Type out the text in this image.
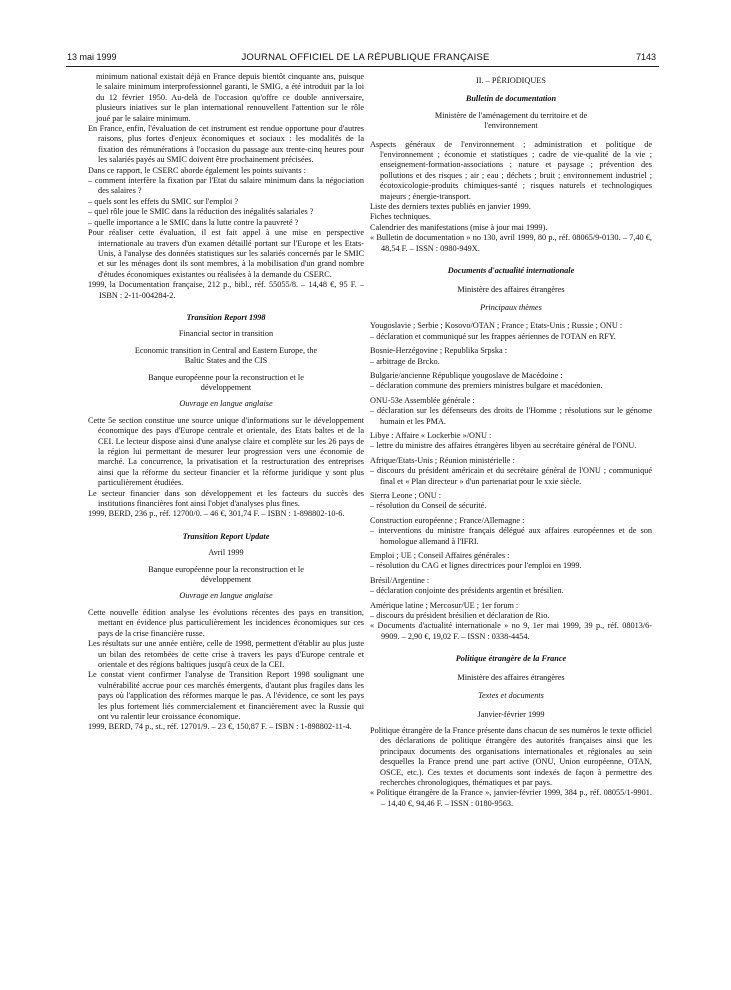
13 mai 1999	JOURNAL OFFICIEL DE LA RÉPUBLIQUE FRANÇAISE	7143

minimum national existait déjà en France depuis bientôt cinquante ans, puisque le salaire minimum interprofessionnel garanti, le SMIG, a été introduit par la loi du 12 février 1950. Au-delà de l'occasion qu'offre ce double anniversaire, plusieurs iniatives sur le plan international renouvellent l'attention sur le rôle joué par le salaire minimum.

En France, enfin, l'évaluation de cet instrument est rendue opportune pour d'autres raisons, plus fortes d'enjeux économiques et sociaux : les modalités de la fixation des rémunérations à l'occasion du passage aux trente-cinq heures pour les salariés payés au SMIC doivent être prochainement précisées.

Dans ce rapport, le CSERC aborde également les points suivants :

– comment interfère la fixation par l'Etat du salaire minimum dans la négociation des salaires ?

– quels sont les effets du SMIC sur l'emploi ?

– quel rôle joue le SMIC dans la réduction des inégalités salariales ?

– quelle importance a le SMIC dans la lutte contre la pauvreté ?

Pour réaliser cette évaluation, il est fait appel à une mise en perspective internationale au travers d'un examen détaillé portant sur l'Europe et les Etats-Unis, à l'analyse des données statistiques sur les salariés concernés par le SMIC et sur les ménages dont ils sont membres, à la mobilisation d'un grand nombre d'études économiques existantes ou réalisées à la demande du CSERC.

1999, la Documentation française, 212 p., bibl., réf. 55055/8. – 14,48 €, 95 F. – ISBN : 2-11-004284-2.

Transition Report 1998

Financial sector in transition

Economic transition in Central and Eastern Europe, the Baltic States and the CIS

Banque européenne pour la reconstruction et le développement

Ouvrage en langue anglaise

Cette 5e section constitue une source unique d'informations sur le développement économique des pays d'Europe centrale et orientale, des Etats baltes et de la CEI. Le lecteur dispose ainsi d'une analyse claire et complète sur les 26 pays de la région lui permettant de mesurer leur progression vers une économie de marché. La concurrence, la privatisation et la restructuration des entreprises ainsi que la réforme du secteur financier et la réforme juridique y sont plus particulièrement étudiées.

Le secteur financier dans son développement et les facteurs du succès des institutions financières font ainsi l'objet d'analyses plus fines.

1999, BERD, 236 p., réf. 12700/0. – 46 €, 301,74 F. – ISBN : 1-898802-10-6.

Transition Report Update

Avril 1999

Banque européenne pour la reconstruction et le développement

Ouvrage en langue anglaise

Cette nouvelle édition analyse les évolutions récentes des pays en transition, mettant en évidence plus particulièrement les incidences économiques sur ces pays de la crise financière russe.

Les résultats sur une année entière, celle de 1998, permettent d'établir au plus juste un bilan des retombées de cette crise à travers les pays d'Europe centrale et orientale et des régions baltiques jusqu'à ceux de la CEI.

Le constat vient confirmer l'analyse de Transition Report 1998 soulignant une vulnérabilité accrue pour ces marchés émergents, d'autant plus fragiles dans les pays où l'application des réformes marque le pas. A l'évidence, ce sont les pays les plus fortement liés commercialement et financièrement avec la Russie qui ont vu ralentir leur croissance économique.

1999, BERD, 74 p., st., réf. 12701/9. – 23 €, 150,87 F. – ISBN : 1-898802-11-4.

II. – PÉRIODIQUES

Bulletin de documentation

Ministère de l'aménagement du territoire et de l'environnement

Aspects généraux de l'environnement ; administration et politique de l'environnement ; économie et statistiques ; cadre de vie-qualité de la vie ; enseignement-formation-associations ; nature et paysage ; prévention des pollutions et des risques ; air ; eau ; déchets ; bruit ; environnement industriel ; écotoxicologie-produits chimiques-santé ; risques naturels et technologiques majeurs ; énergie-transport.

Liste des derniers textes publiés en janvier 1999.

Fiches techniques.

Calendrier des manifestations (mise à jour mai 1999).

« Bulletin de documentation » no 130, avril 1999, 80 p., réf. 08065/9-0130. – 7,40 €, 48,54 F. – ISSN : 0980-949X.

Documents d'actualité internationale

Ministère des affaires étrangères

Principaux thèmes

Yougoslavie ; Serbie ; Kosovo/OTAN ; France ; Etats-Unis ; Russie ; ONU :

– déclaration et communiqué sur les frappes aériennes de l'OTAN en RFY.

Bosnie-Herzégovine ; Republika Srpska :

– arbitrage de Brcko.

Bulgarie/ancienne République yougoslave de Macédoine :

– déclaration commune des premiers ministres bulgare et macédonien.

ONU-53e Assemblée générale :

– déclaration sur les défenseurs des droits de l'Homme ; résolutions sur le génome humain et les PMA.

Libye : Affaire « Lockerbie »/ONU :

– lettre du ministre des affaires étrangères libyen au secrétaire général de l'ONU.

Afrique/Etats-Unis ; Réunion ministérielle :

– discours du président américain et du secrétaire général de l'ONU ; communiqué final et « Plan directeur » d'un partenariat pour le xxie siècle.

Sierra Leone ; ONU :

– résolution du Conseil de sécurité.

Construction européenne ; France/Allemagne :

– interventions du ministre français délégué aux affaires européennes et de son homologue allemand à l'IFRI.

Emploi ; UE ; Conseil Affaires générales :

– résolution du CAG et lignes directrices pour l'emploi en 1999.

Brésil/Argentine :

– déclaration conjointe des présidents argentin et brésilien.

Amérique latine ; Mercosur/UE ; 1er forum :

– discours du président brésilien et déclaration de Rio.

« Documents d'actualité internationale » no 9, 1er mai 1999, 39 p., réf. 08013/6-9909. – 2,90 €, 19,02 F. – ISSN : 0338-4454.

Politique étrangère de la France

Ministère des affaires étrangères

Textes et documents

Janvier-février 1999

Politique étrangère de la France présente dans chacun de ses numéros le texte officiel des déclarations de politique étrangère des autorités françaises ainsi que les principaux documents des organisations internationales et régionales au sein desquelles la France prend une part active (ONU, Union européenne, OTAN, OSCE, etc.). Ces textes et documents sont indexés de façon à permettre des recherches chronologiques, thématiques et par pays.

« Politique étrangère de la France », janvier-février 1999, 384 p., réf. 08055/1-9901. – 14,40 €, 94,46 F. – ISSN : 0180-9563.
